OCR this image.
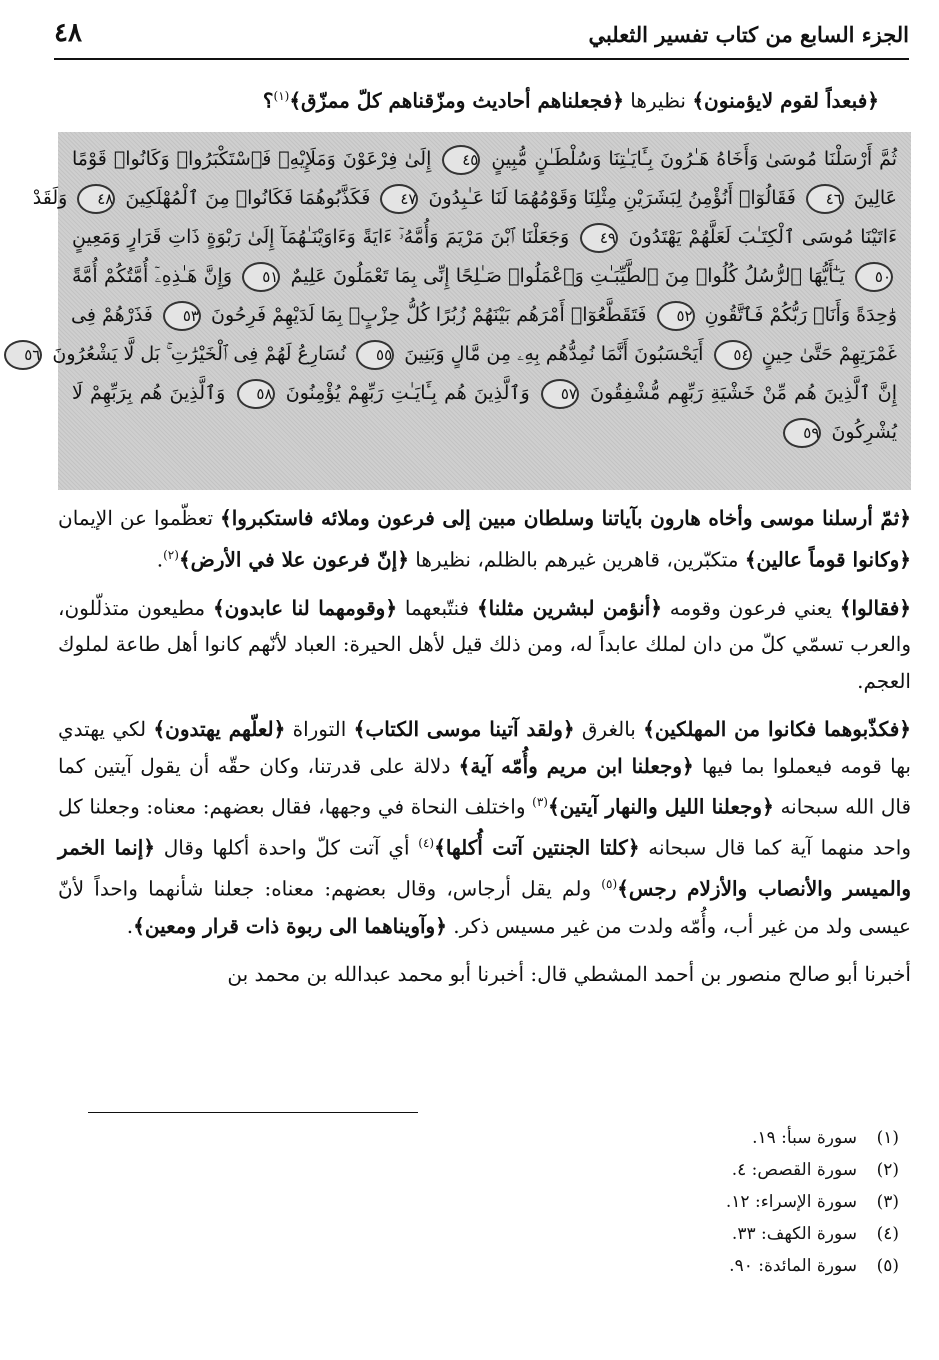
٤٨	الجزء السابع من كتاب تفسير الثعلبي
﴿فبعداً لقوم لايؤمنون﴾ نظيرها ﴿فجعلناهم أحاديث ومزّقناهم كلّ ممزّق﴾$^{(١)}$؟
ثُمَّ أَرْسَلْنَا مُوسَىٰ وَأَخَاهُ هَـٰرُونَ بِـَٔايَـٰتِنَا وَسُلْطَـٰنٍ مُّبِينٍ ٤٥ إِلَىٰ فِرْعَوْنَ وَمَلَإِيْهِۦ فَٱسْتَكْبَرُوا۟ وَكَانُوا۟ قَوْمًا
عَالِينَ ٤٦ فَقَالُوٓا۟ أَنُؤْمِنُ لِبَشَرَيْنِ مِثْلِنَا وَقَوْمُهُمَا لَنَا عَـٰبِدُونَ ٤٧ فَكَذَّبُوهُمَا فَكَانُوا۟ مِنَ ٱلْمُهْلَكِينَ ٤٨ وَلَقَدْ
ءَاتَيْنَا مُوسَى ٱلْكِتَـٰبَ لَعَلَّهُمْ يَهْتَدُونَ ٤٩ وَجَعَلْنَا ٱبْنَ مَرْيَمَ وَأُمَّهُۥٓ ءَايَةً وَءَاوَيْنَـٰهُمَآ إِلَىٰ رَبْوَةٍ ذَاتِ قَرَارٍ وَمَعِينٍ
٥٠ يَـٰٓأَيُّهَا ٱلرُّسُلُ كُلُوا۟ مِنَ ٱلطَّيِّبَـٰتِ وَٱعْمَلُوا۟ صَـٰلِحًا إِنِّى بِمَا تَعْمَلُونَ عَلِيمٌ ٥١ وَإِنَّ هَـٰذِهِۦٓ أُمَّتُكُمْ أُمَّةً
وَٰحِدَةً وَأَنَا۠ رَبُّكُمْ فَٱتَّقُونِ ٥٢ فَتَقَطَّعُوٓا۟ أَمْرَهُم بَيْنَهُمْ زُبُرًا كُلُّ حِزْبٍۭ بِمَا لَدَيْهِمْ فَرِحُونَ ٥٣ فَذَرْهُمْ فِى
غَمْرَتِهِمْ حَتَّىٰ حِينٍ ٥٤ أَيَحْسَبُونَ أَنَّمَا نُمِدُّهُم بِهِۦ مِن مَّالٍ وَبَنِينَ ٥٥ نُسَارِعُ لَهُمْ فِى ٱلْخَيْرَٰتِ ۚ بَل لَّا يَشْعُرُونَ ٥٦
إِنَّ ٱلَّذِينَ هُم مِّنْ خَشْيَةِ رَبِّهِم مُّشْفِقُونَ ٥٧ وَٱلَّذِينَ هُم بِـَٔايَـٰتِ رَبِّهِمْ يُؤْمِنُونَ ٥٨ وَٱلَّذِينَ هُم بِرَبِّهِمْ لَا
يُشْرِكُونَ ٥٩

﴿ثمّ أرسلنا موسى وأخاه هارون بآياتنا وسلطان مبين إلى فرعون وملائه فاستكبروا﴾ تعظّموا عن الإيمان ﴿وكانوا قوماً عالين﴾ متكبّرين، قاهرين غيرهم بالظلم، نظيرها ﴿إنّ فرعون علا في الأرض﴾$^{(٢)}$.

﴿فقالوا﴾ يعني فرعون وقومه ﴿أنؤمن لبشرين مثلنا﴾ فنتّبعهما ﴿وقومهما لنا عابدون﴾ مطيعون متذلّلون، والعرب تسمّي كلّ من دان لملك عابداً له، ومن ذلك قيل لأهل الحيرة: العباد لأنّهم كانوا أهل طاعة لملوك العجم.

﴿فكذّبوهما فكانوا من المهلكين﴾ بالغرق ﴿ولقد آتينا موسى الكتاب﴾ التوراة ﴿لعلّهم يهتدون﴾ لكي يهتدي بها قومه فيعملوا بما فيها ﴿وجعلنا ابن مريم وأُمّه آية﴾ دلالة على قدرتنا، وكان حقّه أن يقول آيتين كما قال الله سبحانه ﴿وجعلنا الليل والنهار آيتين﴾$^{(٣)}$ واختلف النحاة في وجهها، فقال بعضهم: معناه: وجعلنا كل واحد منهما آية كما قال سبحانه ﴿كلتا الجنتين آتت أُكلها﴾$^{(٤)}$ أي آتت كلّ واحدة أكلها وقال ﴿إنما الخمر والميسر والأنصاب والأزلام رجس﴾$^{(٥)}$ ولم يقل أرجاس، وقال بعضهم: معناه: جعلنا شأنهما واحداً لأنّ عيسى ولد من غير أب، وأُمّه ولدت من غير مسيس ذكر. ﴿وآويناهما الى ربوة ذات قرار ومعين﴾.

أخبرنا أبو صالح منصور بن أحمد المشطي قال: أخبرنا أبو محمد عبدالله بن محمد بن

(١)سورة سبأ: ١٩.
(٢)سورة القصص: ٤.
(٣)سورة الإسراء: ١٢.
(٤)سورة الكهف: ٣٣.
(٥)سورة المائدة: ٩٠.
